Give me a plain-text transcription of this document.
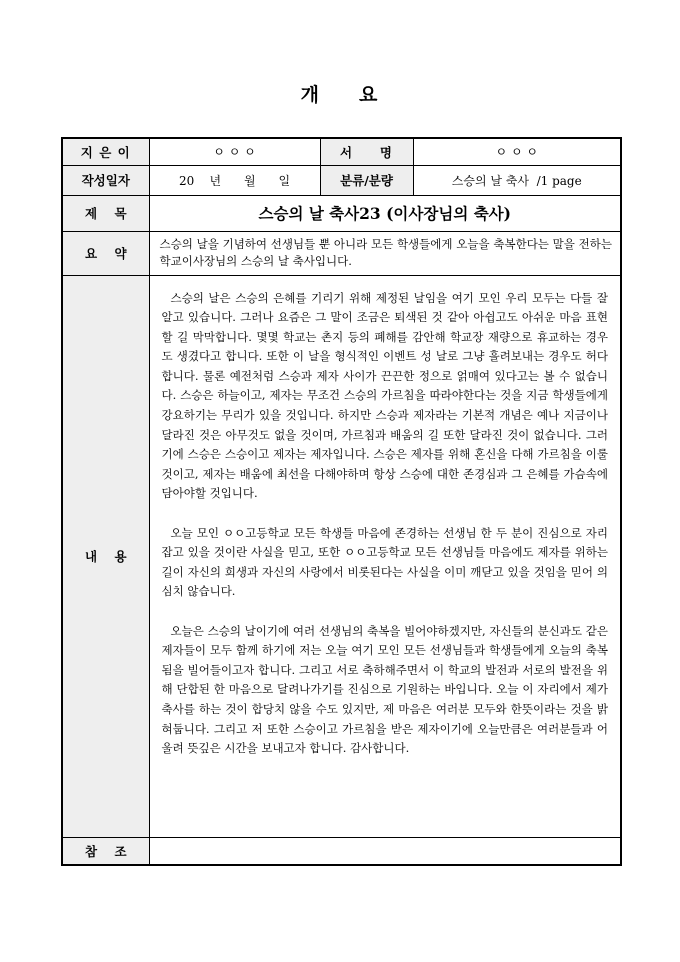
개 요
지 은 이	ㅇ ㅇ ㅇ	서     명	ㅇ ㅇ ㅇ
작성일자	20    년      월      일	분류/분량	스승의 날 축사  /1 page
제    목	스승의 날 축사23 (이사장님의 축사)		
요    약	스승의 날을 기념하여 선생님들 뿐 아니라 모든 학생들에게 오늘을 축복한다는 말을 전하는 학교이사장님의 스승의 날 축사입니다.		
내    용	스승의 날은 스승의 은혜를 기리기 위해 제정된 날임을 여기 모인 우리 모두는 다들 잘 알고 있습니다. 그러나 요즘은 그 말이 조금은 퇴색된 것 같아 아쉽고도 아쉬운 마음 표현할 길 막막합니다. 몇몇 학교는 촌지 등의 폐해를 감안해 학교장 재량으로 휴교하는 경우도 생겼다고 합니다. 또한 이 날을 형식적인 이벤트 성 날로 그냥 흘려보내는 경우도 허다합니다. 물론 예전처럼 스승과 제자 사이가 끈끈한 정으로 얽매여 있다고는 볼 수 없습니다. 스승은 하늘이고, 제자는 무조건 스승의 가르침을 따라야한다는 것을 지금 학생들에게 강요하기는 무리가 있을 것입니다. 하지만 스승과 제자라는 기본적 개념은 예나 지금이나 달라진 것은 아무것도 없을 것이며, 가르침과 배움의 길 또한 달라진 것이 없습니다. 그러기에 스승은 스승이고 제자는 제자입니다. 스승은 제자를 위해 혼신을 다해 가르침을 이룰 것이고, 제자는 배움에 최선을 다해야하며 항상 스승에 대한 존경심과 그 은혜를 가슴속에 담아야할 것입니다.

오늘 모인 ㅇㅇ고등학교 모든 학생들 마음에 존경하는 선생님 한 두 분이 진심으로 자리잡고 있을 것이란 사실을 믿고, 또한 ㅇㅇ고등학교 모든 선생님들 마음에도 제자를 위하는 길이 자신의 희생과 자신의 사랑에서 비롯된다는 사실을 이미 깨닫고 있을 것임을 믿어 의심치 않습니다.

오늘은 스승의 날이기에 여러 선생님의 축복을 빌어야하겠지만, 자신들의 분신과도 같은 제자들이 모두 함께 하기에 저는 오늘 여기 모인 모든 선생님들과 학생들에게 오늘의 축복됨을 빌어들이고자 합니다. 그리고 서로 축하해주면서 이 학교의 발전과 서로의 발전을 위해 단합된 한 마음으로 달려나가기를 진심으로 기원하는 바입니다. 오늘 이 자리에서 제가 축사를 하는 것이 합당치 않을 수도 있지만, 제 마음은 여러분 모두와 한뜻이라는 것을 밝혀둡니다. 그리고 저 또한 스승이고 가르침을 받은 제자이기에 오늘만큼은 여러분들과 어울려 뜻깊은 시간을 보내고자 합니다. 감사합니다.		

참    조			
